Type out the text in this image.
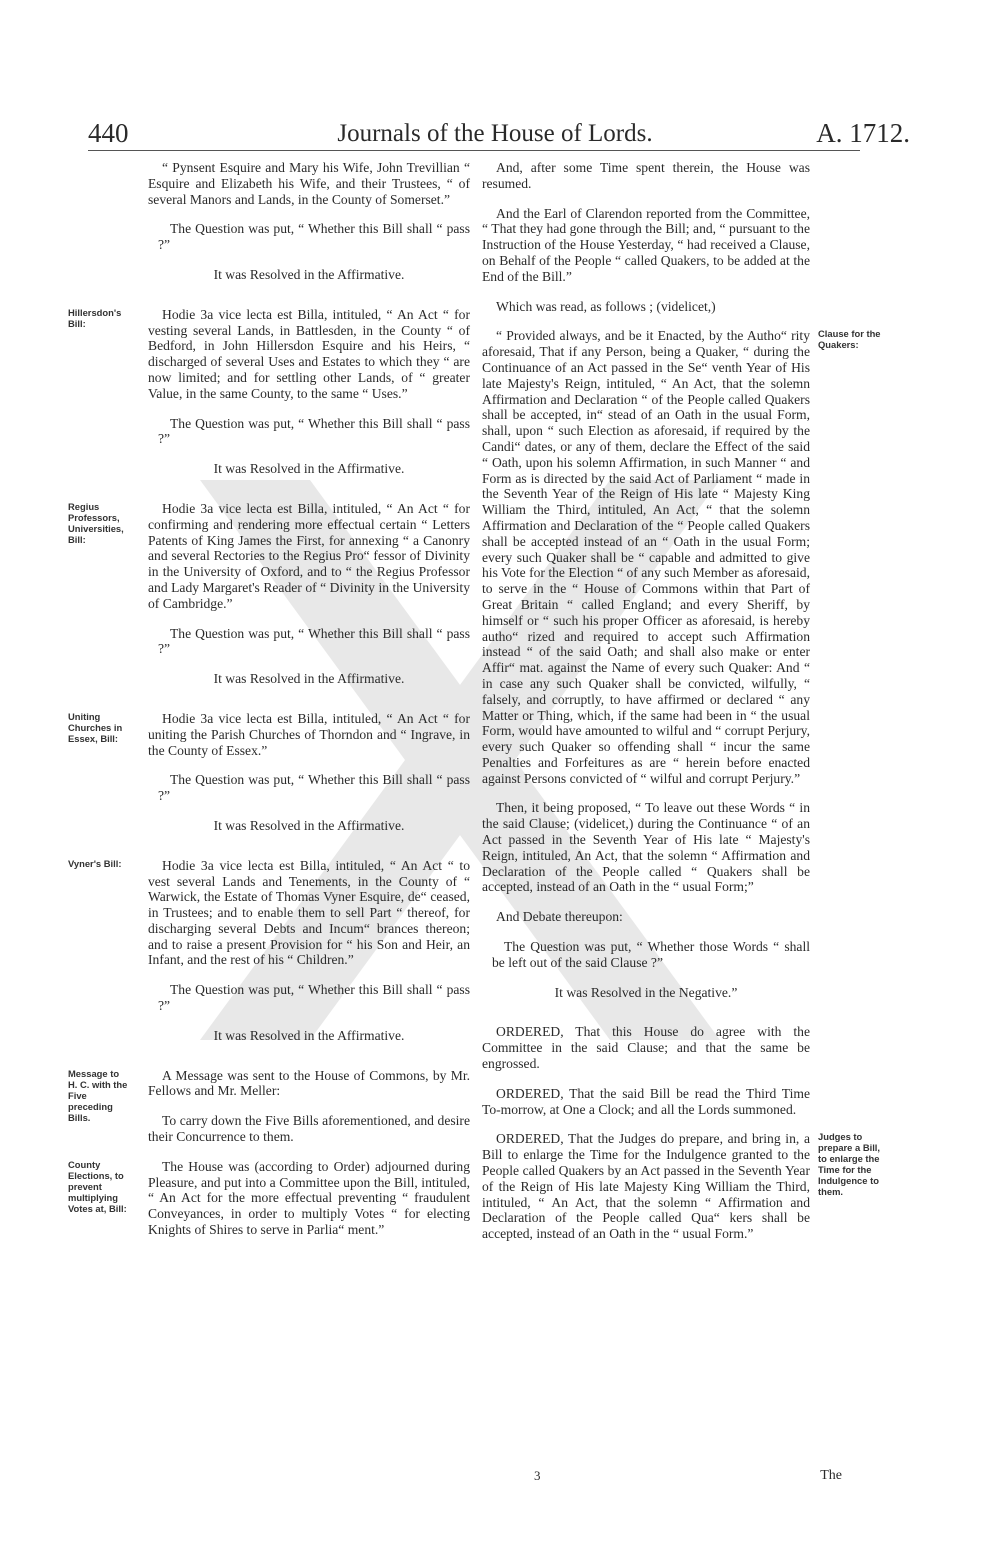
440	Journals of the House of Lords.	A. 1712.

“ Pynsent Esquire and Mary his Wife, John Trevillian “ Esquire and Elizabeth his Wife, and their Trustees, “ of several Manors and Lands, in the County of Somerset.”

The Question was put, “ Whether this Bill shall “ pass ?”

It was Resolved in the Affirmative.

Hillersdon's Bill:

Hodie 3a vice lecta est Billa, intituled, “ An Act “ for vesting several Lands, in Battlesden, in the County “ of Bedford, in John Hillersdon Esquire and his Heirs, “ discharged of several Uses and Estates to which they “ are now limited; and for settling other Lands, of “ greater Value, in the same County, to the same “ Uses.”

The Question was put, “ Whether this Bill shall “ pass ?”

It was Resolved in the Affirmative.

Regius Professors, Universities, Bill:

Hodie 3a vice lecta est Billa, intituled, “ An Act “ for confirming and rendering more effectual certain “ Letters Patents of King James the First, for annexing “ a Canonry and several Rectories to the Regius Pro“ fessor of Divinity in the University of Oxford, and to “ the Regius Professor and Lady Margaret's Reader of “ Divinity in the University of Cambridge.”

The Question was put, “ Whether this Bill shall “ pass ?”

It was Resolved in the Affirmative.

Uniting Churches in Essex, Bill:

Hodie 3a vice lecta est Billa, intituled, “ An Act “ for uniting the Parish Churches of Thorndon and “ Ingrave, in the County of Essex.”

The Question was put, “ Whether this Bill shall “ pass ?”

It was Resolved in the Affirmative.

Vyner's Bill:	Hodie 3a vice lecta est Billa, intituled, “ An Act “ to vest several Lands and Tenements, in the County of “ Warwick, the Estate of Thomas Vyner Esquire, de“ ceased, in Trustees; and to enable them to sell Part “ thereof, for discharging several Debts and Incum“ brances thereon; and to raise a present Provision for “ his Son and Heir, an Infant, and the rest of his “ Children.”

The Question was put, “ Whether this Bill shall “ pass ?”

It was Resolved in the Affirmative.

Message to H. C. with the Five preceding Bills.

A Message was sent to the House of Commons, by Mr. Fellows and Mr. Meller:

To carry down the Five Bills aforementioned, and desire their Concurrence to them.

County Elections, to prevent multiplying Votes at, Bill:

The House was (according to Order) adjourned during Pleasure, and put into a Committee upon the Bill, intituled, “ An Act for the more effectual preventing “ fraudulent Conveyances, in order to multiply Votes “ for electing Knights of Shires to serve in Parlia“ ment.”

And, after some Time spent therein, the House was resumed.

And the Earl of Clarendon reported from the Committee, “ That they had gone through the Bill; and, “ pursuant to the Instruction of the House Yesterday, “ had received a Clause, on Behalf of the People “ called Quakers, to be added at the End of the Bill.”

Which was read, as follows ; (videlicet,)

Clause for the Quakers:

“ Provided always, and be it Enacted, by the Autho“ rity aforesaid, That if any Person, being a Quaker, “ during the Continuance of an Act passed in the Se“ venth Year of His late Majesty's Reign, intituled, “ An Act, that the solemn Affirmation and Declaration “ of the People called Quakers shall be accepted, in“ stead of an Oath in the usual Form, shall, upon “ such Election as aforesaid, if required by the Candi“ dates, or any of them, declare the Effect of the said “ Oath, upon his solemn Affirmation, in such Manner “ and Form as is directed by the said Act of Parliament “ made in the Seventh Year of the Reign of His late “ Majesty King William the Third, intituled, An Act, “ that the solemn Affirmation and Declaration of the “ People called Quakers shall be accepted instead of an “ Oath in the usual Form; every such Quaker shall be “ capable and admitted to give his Vote for the Election “ of any such Member as aforesaid, to serve in the “ House of Commons within that Part of Great Britain “ called England; and every Sheriff, by himself or “ such his proper Officer as aforesaid, is hereby autho“ rized and required to accept such Affirmation instead “ of the said Oath; and shall also make or enter Affir“ mat. against the Name of every such Quaker: And “ in case any such Quaker shall be convicted, wilfully, “ falsely, and corruptly, to have affirmed or declared “ any Matter or Thing, which, if the same had been in “ the usual Form, would have amounted to wilful and “ corrupt Perjury, every such Quaker so offending shall “ incur the same Penalties and Forfeitures as are “ herein before enacted against Persons convicted of “ wilful and corrupt Perjury.”

Then, it being proposed, “ To leave out these Words “ in the said Clause; (videlicet,) during the Continuance “ of an Act passed in the Seventh Year of His late “ Majesty's Reign, intituled, An Act, that the solemn “ Affirmation and Declaration of the People called “ Quakers shall be accepted, instead of an Oath in the “ usual Form;”

And Debate thereupon:

The Question was put, “ Whether those Words “ shall be left out of the said Clause ?”

It was Resolved in the Negative.”

ORDERED, That this House do agree with the Committee in the said Clause; and that the same be engrossed.

ORDERED, That the said Bill be read the Third Time To-morrow, at One a Clock; and all the Lords summoned.

Judges to prepare a Bill, to enlarge the Time for the Indulgence to them.

ORDERED, That the Judges do prepare, and bring in, a Bill to enlarge the Time for the Indulgence granted to the People called Quakers by an Act passed in the Seventh Year of the Reign of His late Majesty King William the Third, intituled, “ An Act, that the solemn “ Affirmation and Declaration of the People called Qua“ kers shall be accepted, instead of an Oath in the “ usual Form.”

3	The
